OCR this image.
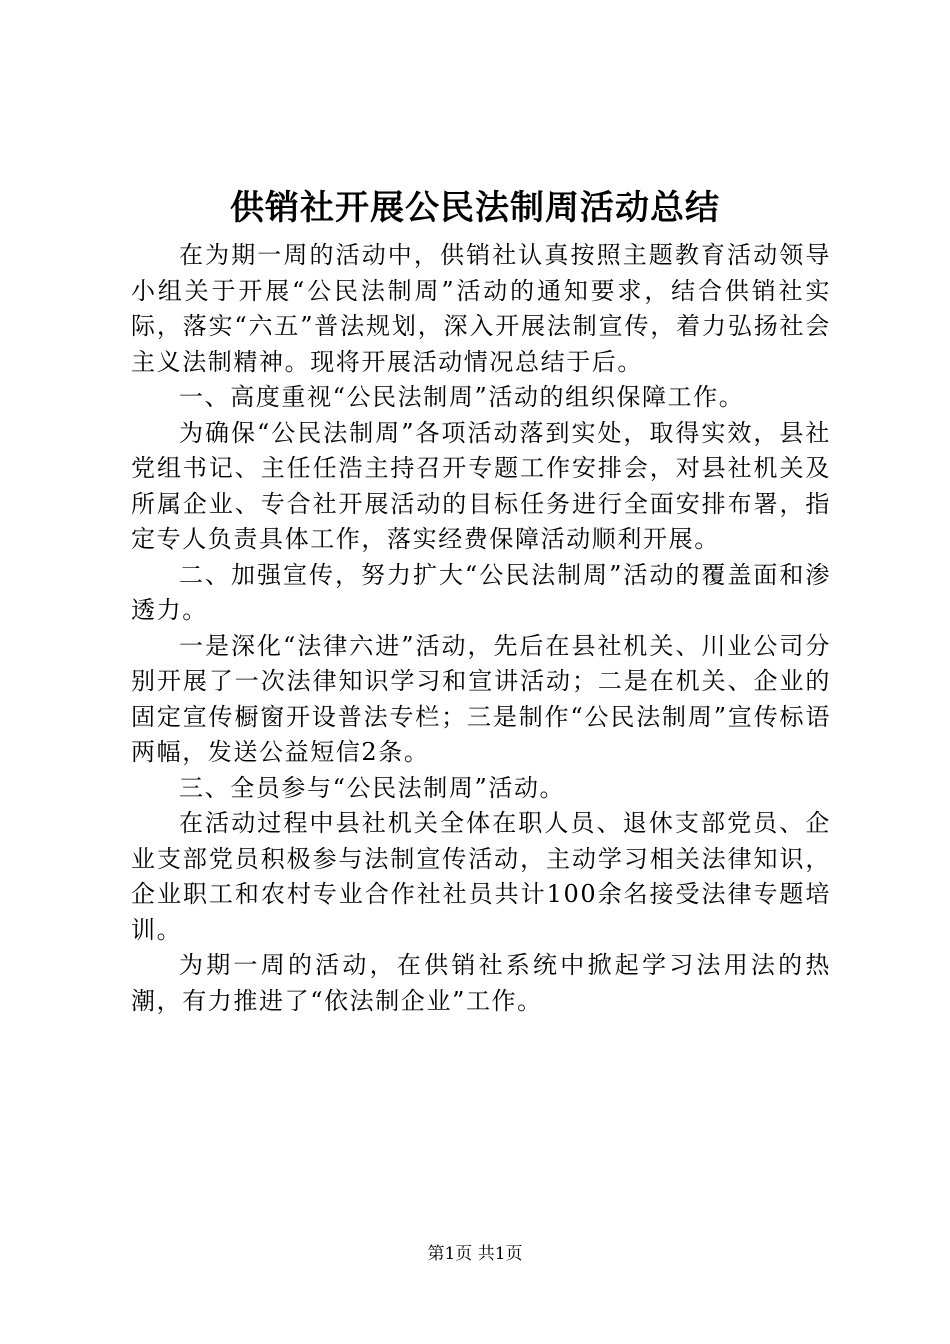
供销社开展公民法制周活动总结

在为期一周的活动中，供销社认真按照主题教育活动领导小组关于开展“公民法制周”活动的通知要求，结合供销社实际，落实“六五”普法规划，深入开展法制宣传，着力弘扬社会主义法制精神。现将开展活动情况总结于后。

一、高度重视“公民法制周”活动的组织保障工作。

为确保“公民法制周”各项活动落到实处，取得实效，县社党组书记、主任任浩主持召开专题工作安排会，对县社机关及所属企业、专合社开展活动的目标任务进行全面安排布署，指定专人负责具体工作，落实经费保障活动顺利开展。

二、加强宣传，努力扩大“公民法制周”活动的覆盖面和渗透力。

一是深化“法律六进”活动，先后在县社机关、川业公司分别开展了一次法律知识学习和宣讲活动；二是在机关、企业的固定宣传橱窗开设普法专栏；三是制作“公民法制周”宣传标语两幅，发送公益短信2条。

三、全员参与“公民法制周”活动。

在活动过程中县社机关全体在职人员、退休支部党员、企业支部党员积极参与法制宣传活动，主动学习相关法律知识，企业职工和农村专业合作社社员共计100余名接受法律专题培训。

为期一周的活动，在供销社系统中掀起学习法用法的热潮，有力推进了“依法制企业”工作。

第1页 共1页
